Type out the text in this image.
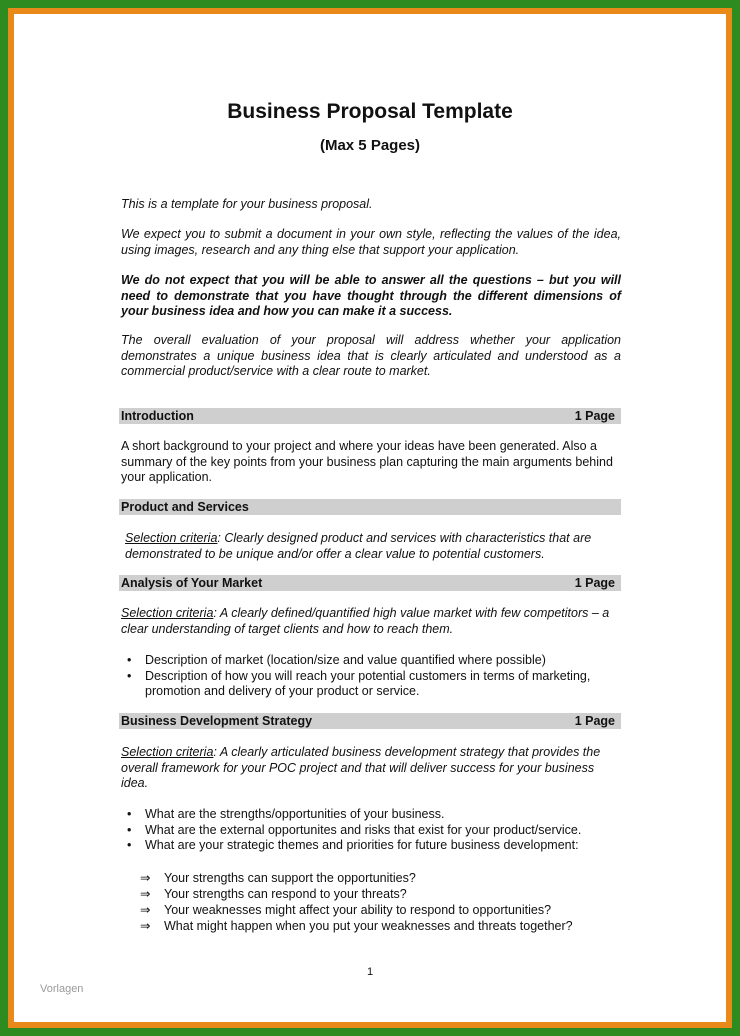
Business Proposal Template
(Max 5 Pages)
This is a template for your business proposal.
We expect you to submit a document in your own style, reflecting the values of the idea, using images, research and any thing else that support your application.
We do not expect that you will be able to answer all the questions – but you will need to demonstrate that you have thought through the different dimensions of your business idea and how you can make it a success.
The overall evaluation of your proposal will address whether your application demonstrates a unique business idea that is clearly articulated and understood as a commercial product/service with a clear route to market.
Introduction	1 Page
A short background to your project and where your ideas have been generated. Also a summary of the key points from your business plan capturing the main arguments behind your application.
Product and Services
Selection criteria: Clearly designed product and services with characteristics that are demonstrated to be unique and/or offer a clear value to potential customers.
Analysis of Your Market	1 Page
Selection criteria: A clearly defined/quantified high value market with few competitors – a clear understanding of target clients and how to reach them.
• Description of market (location/size and value quantified where possible)
• Description of how you will reach your potential customers in terms of marketing, promotion and delivery of your product or service.
Business Development Strategy	1 Page
Selection criteria: A clearly articulated business development strategy that provides the overall framework for your POC project and that will deliver success for your business idea.
• What are the strengths/opportunities of your business.
• What are the external opportunites and risks that exist for your product/service.
• What are your strategic themes and priorities for future business development:
⇒ Your strengths can support the opportunities?
⇒ Your strengths can respond to your threats?
⇒ Your weaknesses might affect your ability to respond to opportunities?
⇒ What might happen when you put your weaknesses and threats together?
1
Vorlagen
